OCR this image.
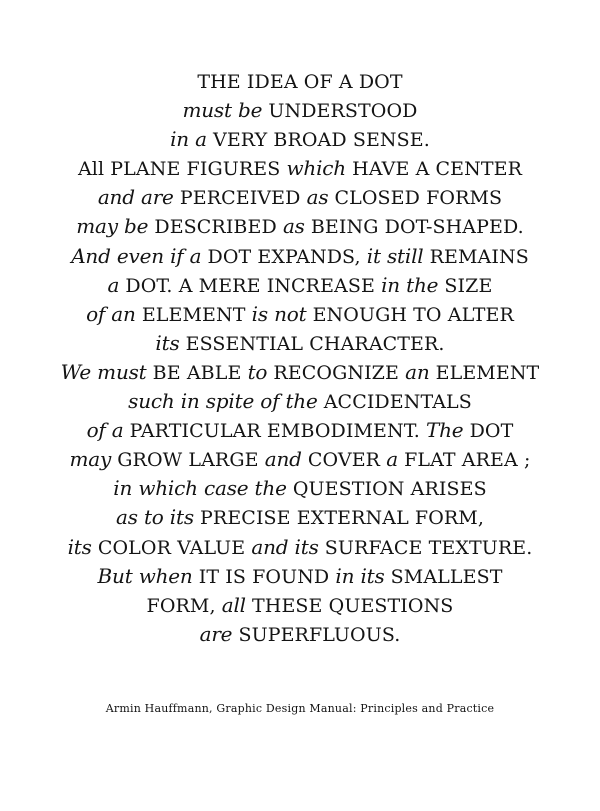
THE IDEA OF A DOT
must be UNDERSTOOD
in a VERY BROAD SENSE.
All PLANE FIGURES which HAVE A CENTER
and are PERCEIVED as CLOSED FORMS
may be DESCRIBED as BEING DOT-SHAPED.
And even if a DOT EXPANDS, it still REMAINS
a DOT. A MERE INCREASE in the SIZE
of an ELEMENT is not ENOUGH TO ALTER
its ESSENTIAL CHARACTER.
We must BE ABLE to RECOGNIZE an ELEMENT
such in spite of the ACCIDENTALS
of a PARTICULAR EMBODIMENT. The DOT
may GROW LARGE and COVER a FLAT AREA ;
in which case the QUESTION ARISES
as to its PRECISE EXTERNAL FORM,
its COLOR VALUE and its SURFACE TEXTURE.
But when IT IS FOUND in its SMALLEST
FORM, all THESE QUESTIONS
are SUPERFLUOUS.
Armin Hauffmann, Graphic Design Manual: Principles and Practice
